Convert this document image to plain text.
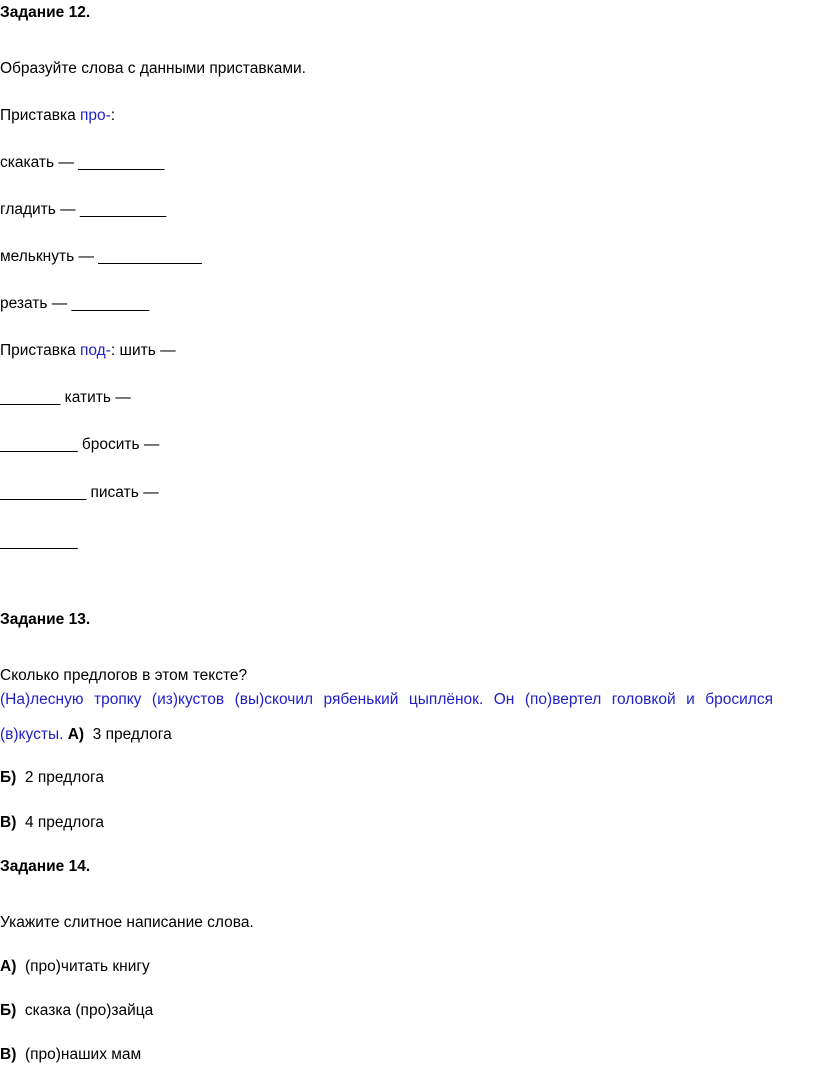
Задание 12.
Образуйте слова с данными приставками.
Приставка про-:
скакать — __________
гладить — __________
мелькнуть — ____________
резать — _________
Приставка под-: шить —
_______ катить —
_________ бросить —
__________ писать —
_________
Задание 13.
Сколько предлогов в этом тексте?
(На)лесную тропку (из)кустов (вы)скочил рябенький цыплёнок. Он (по)вертел головкой и бросился
(в)кусты. А)  3 предлога
Б)  2 предлога
В)  4 предлога
Задание 14.
Укажите слитное написание слова.
А)  (про)читать книгу
Б)  сказка (про)зайца
В)  (про)наших мам
